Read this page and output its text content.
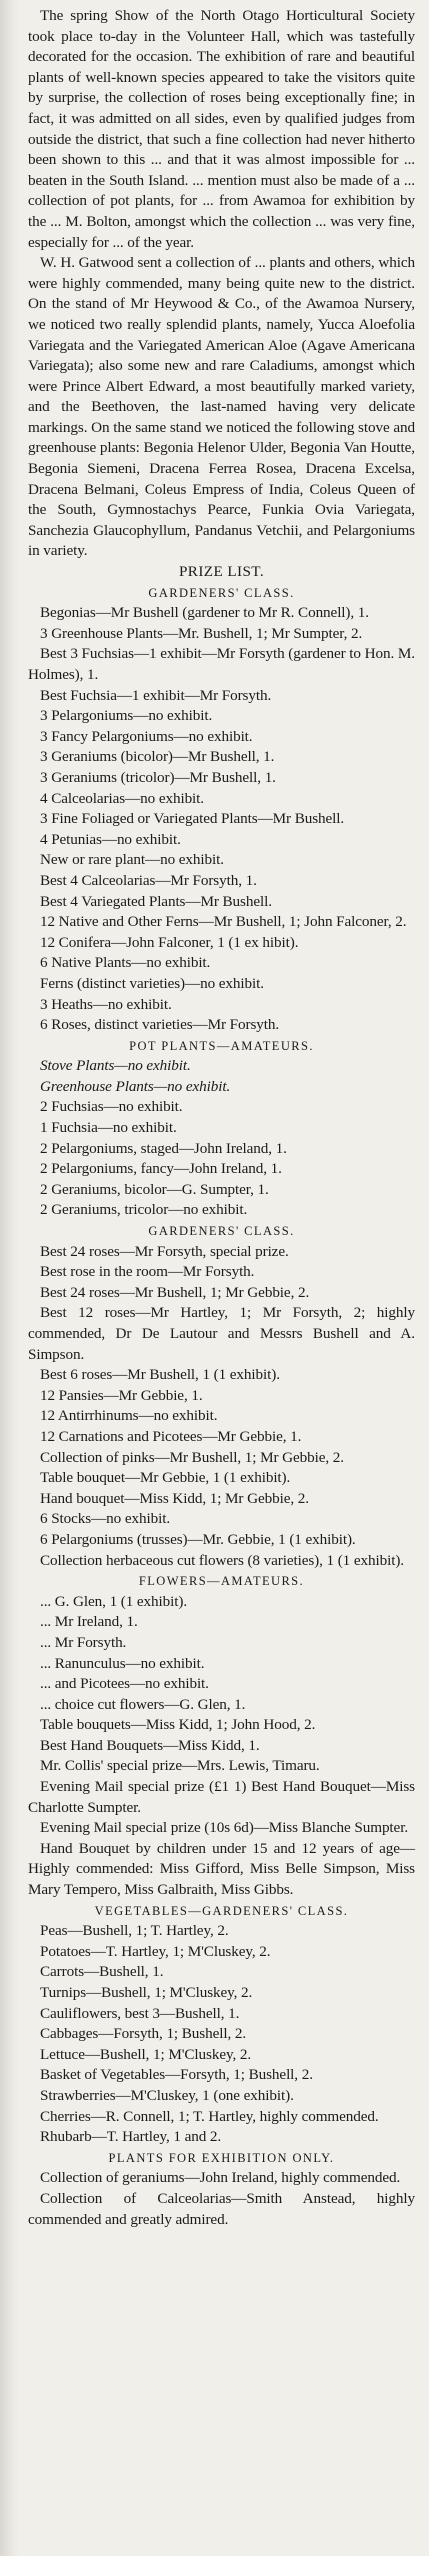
The spring Show of the North Otago Horticultural Society took place to-day in the Volunteer Hall, which was tastefully decorated for the occasion. The exhibition of rare and beautiful plants of well-known species appeared to take the visitors quite by surprise, the collection of roses being exceptionally fine; in fact, it was admitted on all sides, even by qualified judges from outside the district, that such a fine collection had never hitherto been shown to this ... and that it was almost impossible for ... beaten in the South Island. ... mention must also be made of a ... collection of pot plants, for ... from Awamoa for exhibition by the ... M. Bolton, amongst which the collection ... was very fine, especially for ... of the year.

W. H. Gatwood sent a collection of ... plants and others, which were highly commended, many being quite new to the district. On the stand of Mr Heywood & Co., of the Awamoa Nursery, we noticed two really splendid plants, namely, Yucca Aloefolia Variegata and the Variegated American Aloe (Agave Americana Variegata); also some new and rare Caladiums, amongst which were Prince Albert Edward, a most beautifully marked variety, and the Beethoven, the last-named having very delicate markings. On the same stand we noticed the following stove and greenhouse plants: Begonia Helenor Ulder, Begonia Van Houtte, Begonia Siemeni, Dracena Ferrea Rosea, Dracena Excelsa, Dracena Belmani, Coleus Empress of India, Coleus Queen of the South, Gymnostachys Pearce, Funkia Ovia Variegata, Sanchezia Glaucophyllum, Pandanus Vetchii, and Pelargoniums in variety.

PRIZE LIST.

GARDENERS' CLASS.

Begonias—Mr Bushell (gardener to Mr R. Connell), 1.

3 Greenhouse Plants—Mr. Bushell, 1; Mr Sumpter, 2.

Best 3 Fuchsias—1 exhibit—Mr Forsyth (gardener to Hon. M. Holmes), 1.

Best Fuchsia—1 exhibit—Mr Forsyth.

3 Pelargoniums—no exhibit.

3 Fancy Pelargoniums—no exhibit.

3 Geraniums (bicolor)—Mr Bushell, 1.

3 Geraniums (tricolor)—Mr Bushell, 1.

4 Calceolarias—no exhibit.

3 Fine Foliaged or Variegated Plants—Mr Bushell.

4 Petunias—no exhibit.

New or rare plant—no exhibit.

Best 4 Calceolarias—Mr Forsyth, 1.

Best 4 Variegated Plants—Mr Bushell.

12 Native and Other Ferns—Mr Bushell, 1; John Falconer, 2.

12 Conifera—John Falconer, 1 (1 ex hibit).

6 Native Plants—no exhibit.

Ferns (distinct varieties)—no exhibit.

3 Heaths—no exhibit.

6 Roses, distinct varieties—Mr Forsyth.

POT PLANTS—AMATEURS.

Stove Plants—no exhibit.

Greenhouse Plants—no exhibit.

2 Fuchsias—no exhibit.

1 Fuchsia—no exhibit.

2 Pelargoniums, staged—John Ireland, 1.

2 Pelargoniums, fancy—John Ireland, 1.

2 Geraniums, bicolor—G. Sumpter, 1.

2 Geraniums, tricolor—no exhibit.

GARDENERS' CLASS.

Best 24 roses—Mr Forsyth, special prize.

Best rose in the room—Mr Forsyth.

Best 24 roses—Mr Bushell, 1; Mr Gebbie, 2.

Best 12 roses—Mr Hartley, 1; Mr Forsyth, 2; highly commended, Dr De Lautour and Messrs Bushell and A. Simpson.

Best 6 roses—Mr Bushell, 1 (1 exhibit).

12 Pansies—Mr Gebbie, 1.

12 Antirrhinums—no exhibit.

12 Carnations and Picotees—Mr Gebbie, 1.

Collection of pinks—Mr Bushell, 1; Mr Gebbie, 2.

Table bouquet—Mr Gebbie, 1 (1 exhibit).

Hand bouquet—Miss Kidd, 1; Mr Gebbie, 2.

6 Stocks—no exhibit.

6 Pelargoniums (trusses)—Mr. Gebbie, 1 (1 exhibit).

Collection herbaceous cut flowers (8 varieties), 1 (1 exhibit).

FLOWERS—AMATEURS.

... G. Glen, 1 (1 exhibit).

... Mr Ireland, 1.

... Mr Forsyth.

... Ranunculus—no exhibit.

... and Picotees—no exhibit.

... choice cut flowers—G. Glen, 1.

Table bouquets—Miss Kidd, 1; John Hood, 2.

Best Hand Bouquets—Miss Kidd, 1.

Mr. Collis' special prize—Mrs. Lewis, Timaru.

Evening Mail special prize (£1 1) Best Hand Bouquet—Miss Charlotte Sumpter.

Evening Mail special prize (10s 6d)—Miss Blanche Sumpter.

Hand Bouquet by children under 15 and 12 years of age—Highly commended: Miss Gifford, Miss Belle Simpson, Miss Mary Tempero, Miss Galbraith, Miss Gibbs.

VEGETABLES—GARDENERS' CLASS.

Peas—Bushell, 1; T. Hartley, 2.

Potatoes—T. Hartley, 1; M'Cluskey, 2.

Carrots—Bushell, 1.

Turnips—Bushell, 1; M'Cluskey, 2.

Cauliflowers, best 3—Bushell, 1.

Cabbages—Forsyth, 1; Bushell, 2.

Lettuce—Bushell, 1; M'Cluskey, 2.

Basket of Vegetables—Forsyth, 1; Bushell, 2.

Strawberries—M'Cluskey, 1 (one exhibit).

Cherries—R. Connell, 1; T. Hartley, highly commended.

Rhubarb—T. Hartley, 1 and 2.

PLANTS FOR EXHIBITION ONLY.

Collection of geraniums—John Ireland, highly commended.

Collection of Calceolarias—Smith Anstead, highly commended and greatly admired.
